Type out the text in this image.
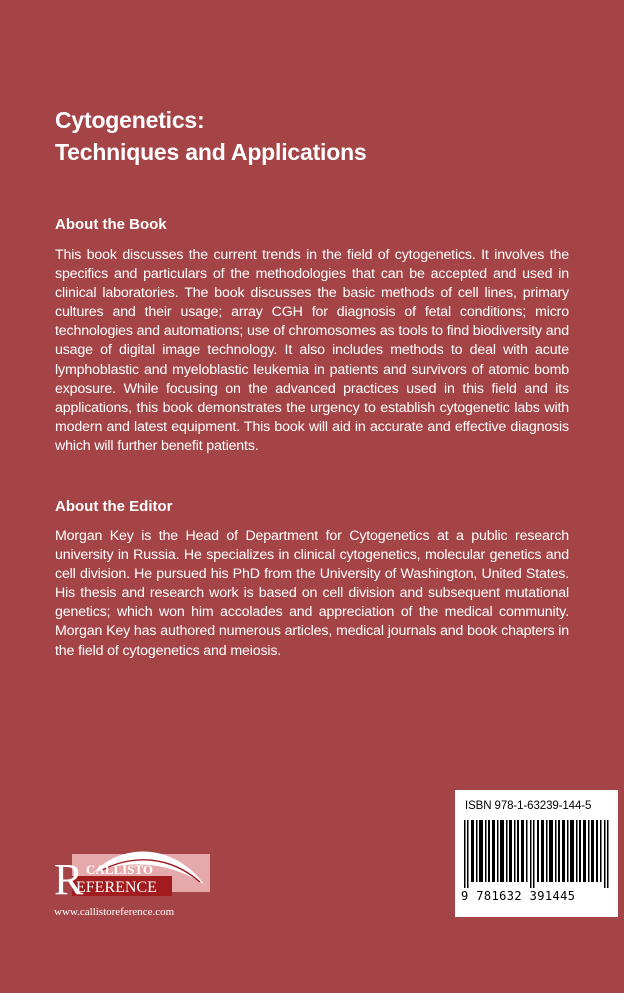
Cytogenetics:
Techniques and Applications
About the Book
This book discusses the current trends in the field of cytogenetics. It involves the specifics and particulars of the methodologies that can be accepted and used in clinical laboratories. The book discusses the basic methods of cell lines, primary cultures and their usage; array CGH for diagnosis of fetal conditions; micro technologies and automations; use of chromosomes as tools to find biodiversity and usage of digital image technology. It also includes methods to deal with acute lymphoblastic and myeloblastic leukemia in patients and survivors of atomic bomb exposure. While focusing on the advanced practices used in this field and its applications, this book demonstrates the urgency to establish cytogenetic labs with modern and latest equipment. This book will aid in accurate and effective diagnosis which will further benefit patients.
About the Editor
Morgan Key is the Head of Department for Cytogenetics at a public research university in Russia. He specializes in clinical cytogenetics, molecular genetics and cell division. He pursued his PhD from the University of Washington, United States. His thesis and research work is based on cell division and subsequent mutational genetics; which won him accolades and appreciation of the medical community. Morgan Key has authored numerous articles, medical journals and book chapters in the field of cytogenetics and meiosis.
ISBN 978-1-63239-144-5
9 781632 391445
R CALLISTO
EFERENCE
www.callistoreference.com
